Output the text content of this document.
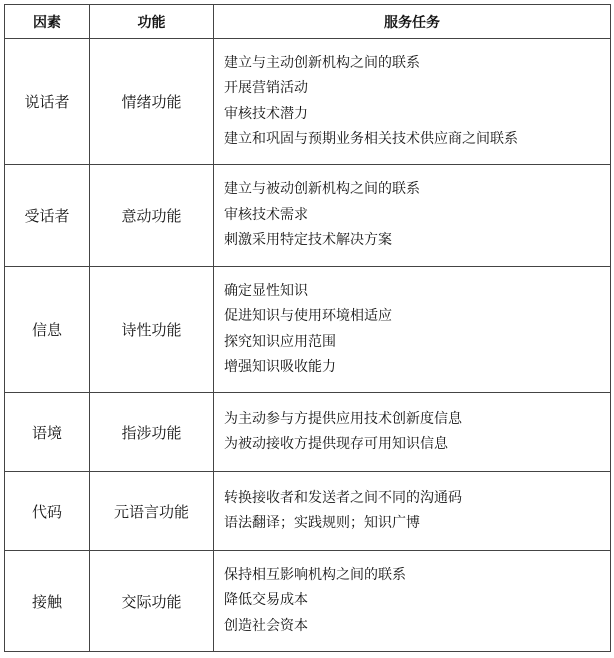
因素	功能	服务任务
说话者	情绪功能	建立与主动创新机构之间的联系
开展营销活动
审核技术潜力
建立和巩固与预期业务相关技术供应商之间联系

受话者	意动功能	建立与被动创新机构之间的联系
审核技术需求
刺激采用特定技术解决方案

信息	诗性功能	确定显性知识
促进知识与使用环境相适应
探究知识应用范围
增强知识吸收能力

语境	指涉功能	为主动参与方提供应用技术创新度信息
为被动接收方提供现存可用知识信息

代码	元语言功能	转换接收者和发送者之间不同的沟通码
语法翻译；实践规则；知识广博

接触	交际功能	保持相互影响机构之间的联系
降低交易成本
创造社会资本
